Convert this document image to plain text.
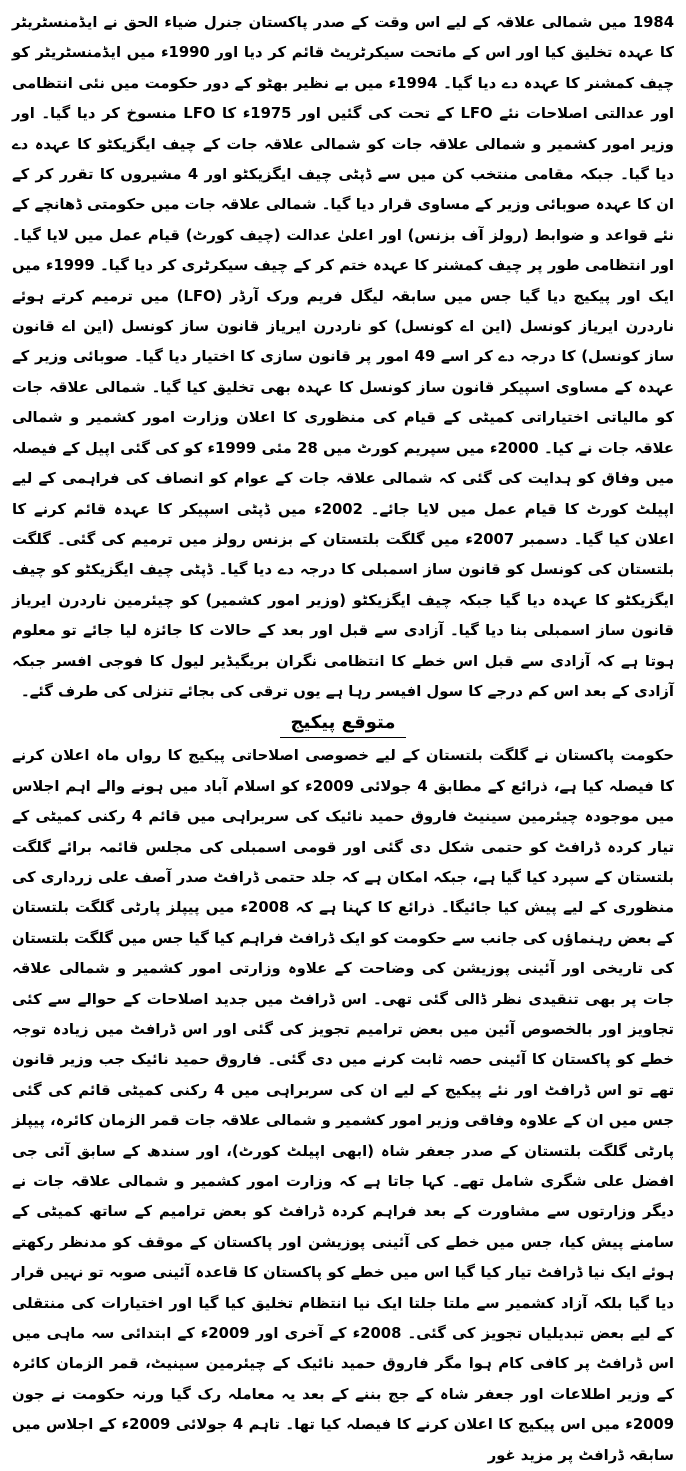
1984 میں شمالی علاقہ کے لیے اس وقت کے صدر پاکستان جنرل ضیاء الحق نے ایڈمنسٹریٹر کا عہدہ تخلیق کیا اور اس کے ماتحت سیکرٹریٹ قائم کر دیا اور 1990ء میں ایڈمنسٹریٹر کو چیف کمشنر کا عہدہ دے دیا گیا۔ 1994ء میں بے نظیر بھٹو کے دور حکومت میں نئی انتظامی اور عدالتی اصلاحات نئے LFO کے تحت کی گئیں اور 1975ء کا LFO منسوخ کر دیا گیا۔ اور وزیر امور کشمیر و شمالی علاقہ جات کو شمالی علاقہ جات کے چیف ایگزیکٹو کا عہدہ دے دیا گیا۔ جبکہ مقامی منتخب کن میں سے ڈپٹی چیف ایگزیکٹو اور 4 مشیروں کا تقرر کر کے ان کا عہدہ صوبائی وزیر کے مساوی قرار دیا گیا۔ شمالی علاقہ جات میں حکومتی ڈھانچے کے نئے قواعد و ضوابط (رولز آف بزنس) اور اعلیٰ عدالت (چیف کورٹ) قیام عمل میں لایا گیا۔ اور انتظامی طور پر چیف کمشنر کا عہدہ ختم کر کے چیف سیکرٹری کر دیا گیا۔ 1999ء میں ایک اور پیکیج دیا گیا جس میں سابقہ لیگل فریم ورک آرڈر (LFO) میں ترمیم کرتے ہوئے ناردرن ایریاز کونسل (این اے کونسل) کو ناردرن ایریاز قانون ساز کونسل (این اے قانون ساز کونسل) کا درجہ دے کر اسے 49 امور پر قانون سازی کا اختیار دیا گیا۔ صوبائی وزیر کے عہدہ کے مساوی اسپیکر قانون ساز کونسل کا عہدہ بھی تخلیق کیا گیا۔ شمالی علاقہ جات کو مالیاتی اختیاراتی کمیٹی کے قیام کی منظوری کا اعلان وزارت امور کشمیر و شمالی علاقہ جات نے کیا۔ 2000ء میں سپریم کورٹ میں 28 مئی 1999ء کو کی گئی اپیل کے فیصلہ میں وفاق کو ہدایت کی گئی کہ شمالی علاقہ جات کے عوام کو انصاف کی فراہمی کے لیے اپیلٹ کورٹ کا قیام عمل میں لایا جائے۔ 2002ء میں ڈپٹی اسپیکر کا عہدہ قائم کرنے کا اعلان کیا گیا۔ دسمبر 2007ء میں گلگت بلتستان کے بزنس رولز میں ترمیم کی گئی۔ گلگت بلتستان کی کونسل کو قانون ساز اسمبلی کا درجہ دے دیا گیا۔ ڈپٹی چیف ایگزیکٹو کو چیف ایگزیکٹو کا عہدہ دیا گیا جبکہ چیف ایگزیکٹو (وزیر امور کشمیر) کو چیئرمین ناردرن ایریاز قانون ساز اسمبلی بنا دیا گیا۔ آزادی سے قبل اور بعد کے حالات کا جائزہ لیا جائے تو معلوم ہوتا ہے کہ آزادی سے قبل اس خطے کا انتظامی نگران بریگیڈیر لیول کا فوجی افسر جبکہ آزادی کے بعد اس کم درجے کا سول افیسر رہا ہے یوں ترقی کی بجائے تنزلی کی طرف گئے۔

متوقع پیکیج

حکومت پاکستان نے گلگت بلتستان کے لیے خصوصی اصلاحاتی پیکیج کا رواں ماہ اعلان کرنے کا فیصلہ کیا ہے، ذرائع کے مطابق 4 جولائی 2009ء کو اسلام آباد میں ہونے والے اہم اجلاس میں موجودہ چیئرمین سینیٹ فاروق حمید نائیک کی سربراہی میں قائم 4 رکنی کمیٹی کے تیار کردہ ڈرافٹ کو حتمی شکل دی گئی اور قومی اسمبلی کی مجلس قائمہ برائے گلگت بلتستان کے سپرد کیا گیا ہے، جبکہ امکان ہے کہ جلد حتمی ڈرافٹ صدر آصف علی زرداری کی منظوری کے لیے پیش کیا جائیگا۔ ذرائع کا کہنا ہے کہ 2008ء میں پیپلز پارٹی گلگت بلتستان کے بعض رہنماؤں کی جانب سے حکومت کو ایک ڈرافٹ فراہم کیا گیا جس میں گلگت بلتستان کی تاریخی اور آئینی پوزیشن کی وضاحت کے علاوہ وزارتی امور کشمیر و شمالی علاقہ جات پر بھی تنقیدی نظر ڈالی گئی تھی۔ اس ڈرافٹ میں جدید اصلاحات کے حوالے سے کئی تجاویز اور بالخصوص آئین میں بعض ترامیم تجویز کی گئی اور اس ڈرافٹ میں زیادہ توجہ خطے کو پاکستان کا آئینی حصہ ثابت کرنے میں دی گئی۔ فاروق حمید نائیک جب وزیر قانون تھے تو اس ڈرافٹ اور نئے پیکیج کے لیے ان کی سربراہی میں 4 رکنی کمیٹی قائم کی گئی جس میں ان کے علاوہ وفاقی وزیر امور کشمیر و شمالی علاقہ جات قمر الزمان کائرہ، پیپلز پارٹی گلگت بلتستان کے صدر جعفر شاہ (ابھی اپیلٹ کورٹ)، اور سندھ کے سابق آئی جی افضل علی شگری شامل تھے۔ کہا جاتا ہے کہ وزارت امور کشمیر و شمالی علاقہ جات نے دیگر وزارتوں سے مشاورت کے بعد فراہم کردہ ڈرافٹ کو بعض ترامیم کے ساتھ کمیٹی کے سامنے پیش کیا، جس میں خطے کی آئینی پوزیشن اور پاکستان کے موقف کو مدنظر رکھتے ہوئے ایک نیا ڈرافٹ تیار کیا گیا اس میں خطے کو پاکستان کا قاعدہ آئینی صوبہ تو نہیں قرار دیا گیا بلکہ آزاد کشمیر سے ملتا جلتا ایک نیا انتظام تخلیق کیا گیا اور اختیارات کی منتقلی کے لیے بعض تبدیلیاں تجویز کی گئی۔ 2008ء کے آخری اور 2009ء کے ابتدائی سہ ماہی میں اس ڈرافٹ پر کافی کام ہوا مگر فاروق حمید نائیک کے چیئرمین سینیٹ، قمر الزمان کائرہ کے وزیر اطلاعات اور جعفر شاہ کے جج بننے کے بعد یہ معاملہ رک گیا ورنہ حکومت نے جون 2009ء میں اس پیکیج کا اعلان کرنے کا فیصلہ کیا تھا۔ تاہم 4 جولائی 2009ء کے اجلاس میں سابقہ ڈرافٹ پر مزید غور
